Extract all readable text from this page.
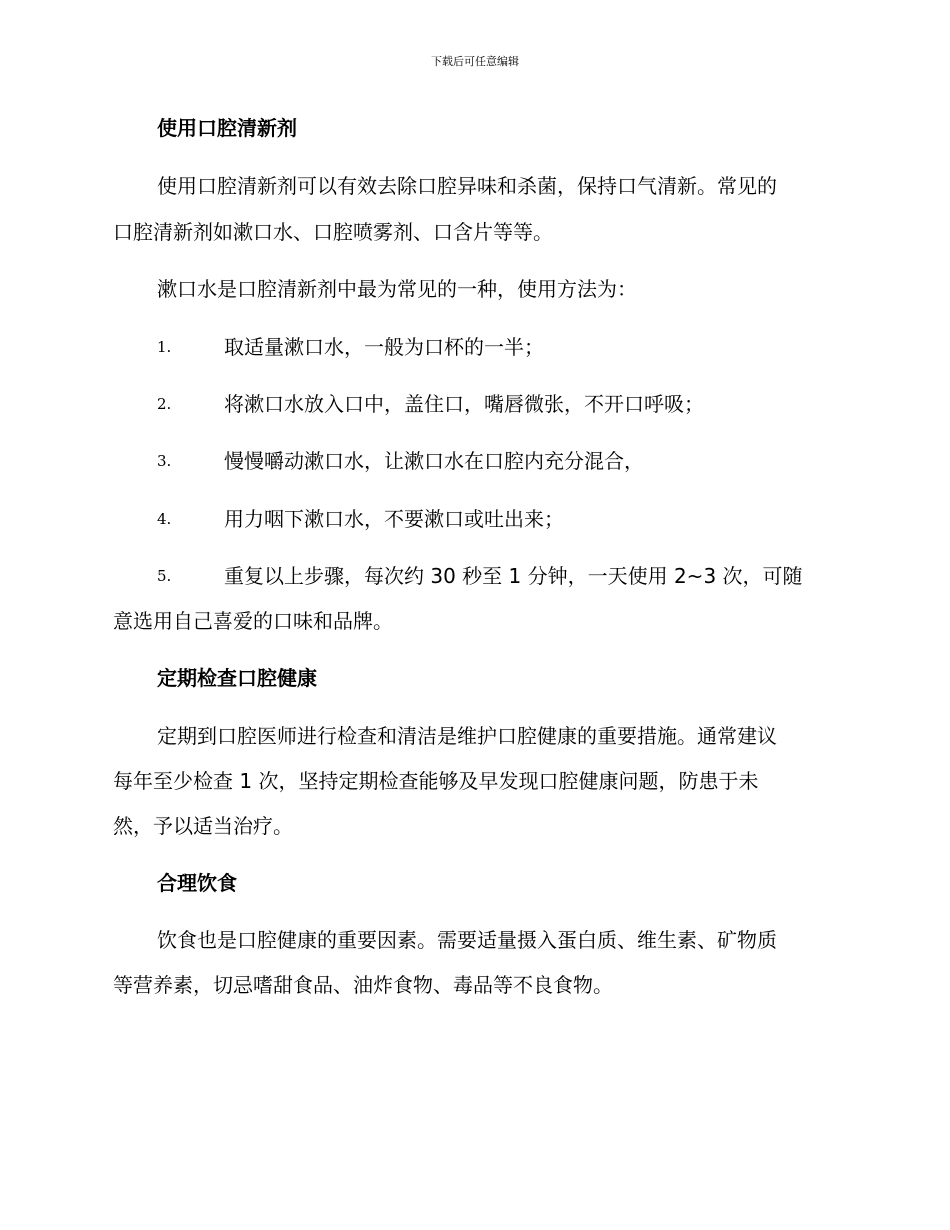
下载后可任意编辑
使用口腔清新剂
使用口腔清新剂可以有效去除口腔异味和杀菌，保持口气清新。常见的
口腔清新剂如漱口水、口腔喷雾剂、口含片等等。
漱口水是口腔清新剂中最为常见的一种，使用方法为：
1.	取适量漱口水，一般为口杯的一半；
2.	将漱口水放入口中，盖住口，嘴唇微张，不开口呼吸；
3.	慢慢嚼动漱口水，让漱口水在口腔内充分混合，
4.	用力咽下漱口水，不要漱口或吐出来；
5.	重复以上步骤，每次约 30 秒至 1 分钟，一天使用 2~3 次，可随
意选用自己喜爱的口味和品牌。
定期检查口腔健康
定期到口腔医师进行检查和清洁是维护口腔健康的重要措施。通常建议
每年至少检查 1 次，坚持定期检查能够及早发现口腔健康问题，防患于未
然，予以适当治疗。
合理饮食
饮食也是口腔健康的重要因素。需要适量摄入蛋白质、维生素、矿物质
等营养素，切忌嗜甜食品、油炸食物、毒品等不良食物。
